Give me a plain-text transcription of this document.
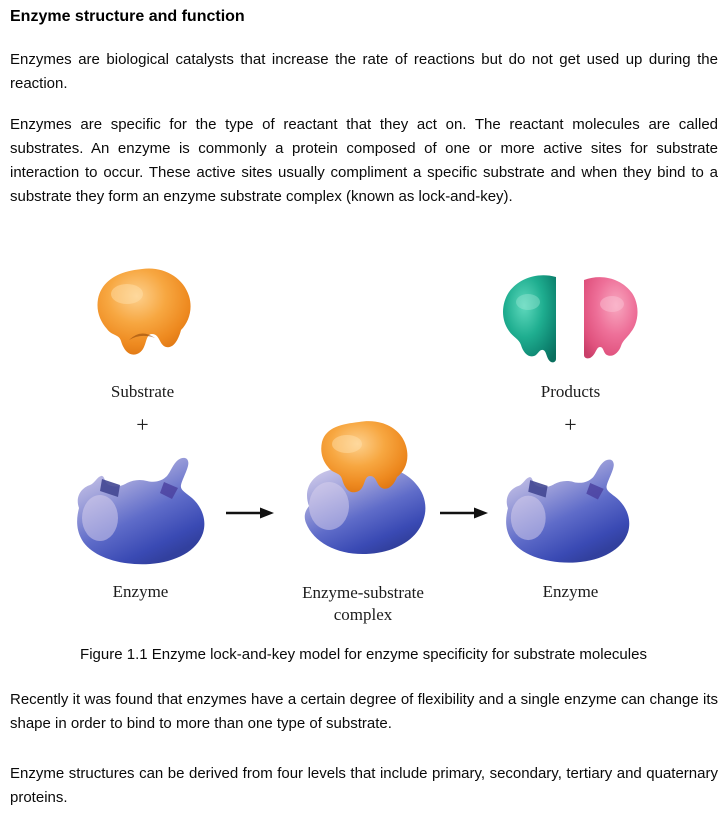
Enzyme structure and function
Enzymes are biological catalysts that increase the rate of reactions but do not get used up during the reaction.
Enzymes are specific for the type of reactant that they act on. The reactant molecules are called substrates. An enzyme is commonly a protein composed of one or more active sites for substrate interaction to occur. These active sites usually compliment a specific substrate and when they bind to a substrate they form an enzyme substrate complex (known as lock-and-key).
Substrate
+
Products
+
Enzyme	Enzyme-substrate
complex
Enzyme
Figure 1.1 Enzyme lock-and-key model for enzyme specificity for substrate molecules
Recently it was found that enzymes have a certain degree of flexibility and a single enzyme can change its shape in order to bind to more than one type of substrate.
Enzyme structures can be derived from four levels that include primary, secondary, tertiary and quaternary proteins.
